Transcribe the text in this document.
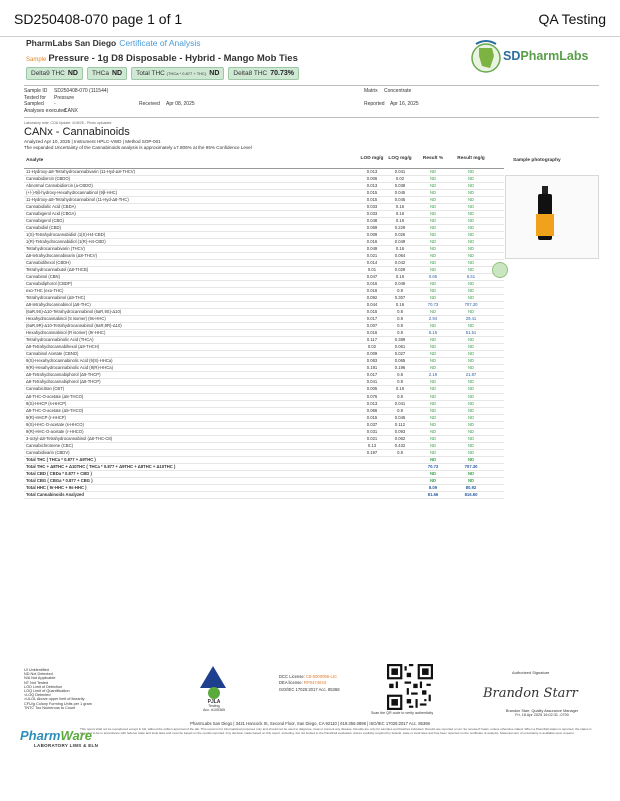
SD250408-070 page 1 of 1	QA Testing
PharmLabs San Diego Certificate of Analysis
Sample Pressure - 1g D8 Disposable - Hybrid - Mango Mob Ties
Delta9 THC ND	THCa ND	Total THC (THCa * 0.877 + THC) ND	Delta8 THC 70.73%
SDPharmLabs
Sample ID SD250408-070 (111544)	Matrix Concentrate
Tested for Pressure
Sampled -	Received Apr 08, 2025	Reported Apr 16, 2025
Analyses executed
CANX
Laboratory note: COA Update: 4/18/25 - Photo uploaded
CANx - Cannabinoids
Analyzed Apr 10, 2025 | Instrument HPLC-VWD | Method SOP-001
The expanded Uncertainty of the Cannabinoids analysis is approximately ±7.806% at the 95% Confidence Level
Analyte	LOD mg/g LOQ mg/g	Result %	Result mg/g
11-Hydroxy-Δ8-Tetrahydrocannabivarin (11-Hyd-Δ8-THCV)	0.013	0.041	ND	ND
Cannabidiorcin (CBDO)	0.006	0.02	ND	ND
Abnormal Cannabidiorcin (a-CBDO)	0.013	0.038	ND	ND
(+/-)-9β-hydroxy-Hexahydrocannabinol (9β-HHC)	0.015	0.045	ND	ND
11-Hydroxy-Δ8-Tetrahydrocannabinol (11-Hyd-Δ8-THC)	0.015	0.045	ND	ND
Cannabidiolic Acid (CBDA)	0.033	0.16	ND	ND
Cannabigerol Acid (CBGA)	0.033	0.16	ND	ND
Cannabigerol (CBG)	0.048	0.16	ND	ND
Cannabidiol (CBD)	0.069	0.229	ND	ND
1(S)-Tetrahydrocannabidiol (1(S)-H4-CBD)	0.009	0.026	ND	ND
1(R)-Tetrahydrocannabidiol (1(R)-H4-CBD)	0.016	0.049	ND	ND
Tetrahydrocannabivarin (THCV)	0.049	0.16	ND	ND
Δ8-tetrahydrocannabivarin (Δ8-THCV)	0.021	0.064	ND	ND
Cannabidihexol (CBDH)	0.014	0.042	ND	ND
Tetrahydrocannabutol (Δ8-THCB)	0.01	0.029	ND	ND
Cannabinol (CBN)	0.047	0.16	0.65	6.51
Cannabidiphorol (CBDP)	0.016	0.049	ND	ND
exo-THC (exo-THC)	0.016	0.8	ND	ND
Tetrahydrocannabinol (Δ9-THC)	0.092	0.307	ND	ND
Δ8-tetrahydrocannabinol (Δ8-THC)	0.044	0.16	70.73	707.30
(6aR,9S)-Δ10-Tetrahydrocannabinol (6aR,9S)-Δ10)	0.015	0.8	ND	ND
Hexahydrocannabinol (S isomer) (9s-HHC)	0.017	0.8	2.94	29.41
(6aR,9R)-Δ10-Tetrahydrocannabinol (6aR,9R)-Δ10)	0.007	0.8	ND	ND
Hexahydrocannabinol (R isomer) (9r-HHC)	0.016	0.8	5.15	51.51
Tetrahydrocannabinolic Acid (THCA)	0.117	0.389	ND	ND
Δ9-Tetrahydrocannabihexol (Δ9-THCH)	0.02	0.061	ND	ND
Cannabinol Acetate (CBNO)	0.009	0.027	ND	ND
9(S)-Hexahydrocannabinolic Acid (9(S)-HHCa)	0.063	0.065	ND	ND
9(R)-Hexahydrocannabinolic Acid (9(R)-HHCa)	0.191	0.196	ND	ND
Δ9-Tetrahydrocannabiphorol (Δ9-THCP)	0.017	0.8	2.19	21.87
Δ8-Tetrahydrocannabiphorol (Δ8-THCP)	0.041	0.8	ND	ND
Cannabicitran (CBT)	0.005	0.16	ND	ND
Δ8-THC-O-acetate (Δ8-THCO)	0.076	0.8	ND	ND
9(S)-HHCP (s-HHCP)	0.013	0.041	ND	ND
Δ9-THC-O-acetate (Δ9-THCO)	0.066	0.8	ND	ND
9(R)-HHCP (r-HHCP)	0.015	0.045	ND	ND
9(S)-HHC-O-acetate (s-HHCO)	0.037	0.112	ND	ND
9(R)-HHC-O-acetate (r-HHCO)	0.031	0.093	ND	ND
3-octyl-Δ8-Tetrahydrocannabinol (Δ8-THC-C8)	0.021	0.062	ND	ND
Cannabichromene (CBC)	0.13	0.432	ND	ND
Cannabidivarin (CBDV)	0.197	0.8	ND	ND
Total THC ( THCa * 0.877 + Δ9THC )	ND	ND
Total THC + Δ8THC + Δ10THC ( THCa * 0.877 + Δ9THC + Δ8THC + Δ10THC )	70.73	707.30
Total CBD ( CBDa * 0.877 + CBD )	ND	ND
Total CBG ( CBGa * 0.877 + CBG )	ND	ND
Total HHC ( 9r-HHC + 9s-HHC )	8.09	80.92
Total Cannabinoids Analyzed	81.66	816.60
Sample photography
UI Unidentified
ND Not Detected
N/A Not Applicable
NT Not Tested
LOD Limit of Detection
LOQ Limit of Quantification
<LOQ Detected
>ULOL Above upper limit of linearity
CFU/g Colony Forming Units per 1 gram
TNTC Too Numerous to Count
PJLA
Testing
Acc. #105365
DCC License: C8-0000096-LIC
DEA license: RP0474043
ISO/IEC 17025:2017 Acc. 85368
Scan the QR code to verify authenticity
Authorized Signature
Brandon Starr
Brandon Starr, Quality Assurance Manager
Fri, 18 Apr 2025 16:02:31 -0700
PharmLabs San Diego | 3421 Hancock St, Second Floor, San Diego, CA 92110 | 619.356.0898 | ISO/IEC 17025:2017 Acc. 85368
This report shall not be reproduced except in full, without the written approval of the lab. This report is for informational purposes only and should not be used to diagnose, treat or prevent any disease. Results are only for samples and batches indicated. Results are reported on an "as received" basis, unless otherwise stated. When a Pass/Fail status is reported, the status is intended to be in accordance with federal, state and local laws and must be based on the results reported. Any decision made based on this report, including, but not limited to the Pass/Fail evaluation unless explicitly required by federal, state or local laws and has been reported on the certificate of analysis. Measurement of uncertainty is available upon request.
PharmWare
LABORATORY LIMS & ELN
